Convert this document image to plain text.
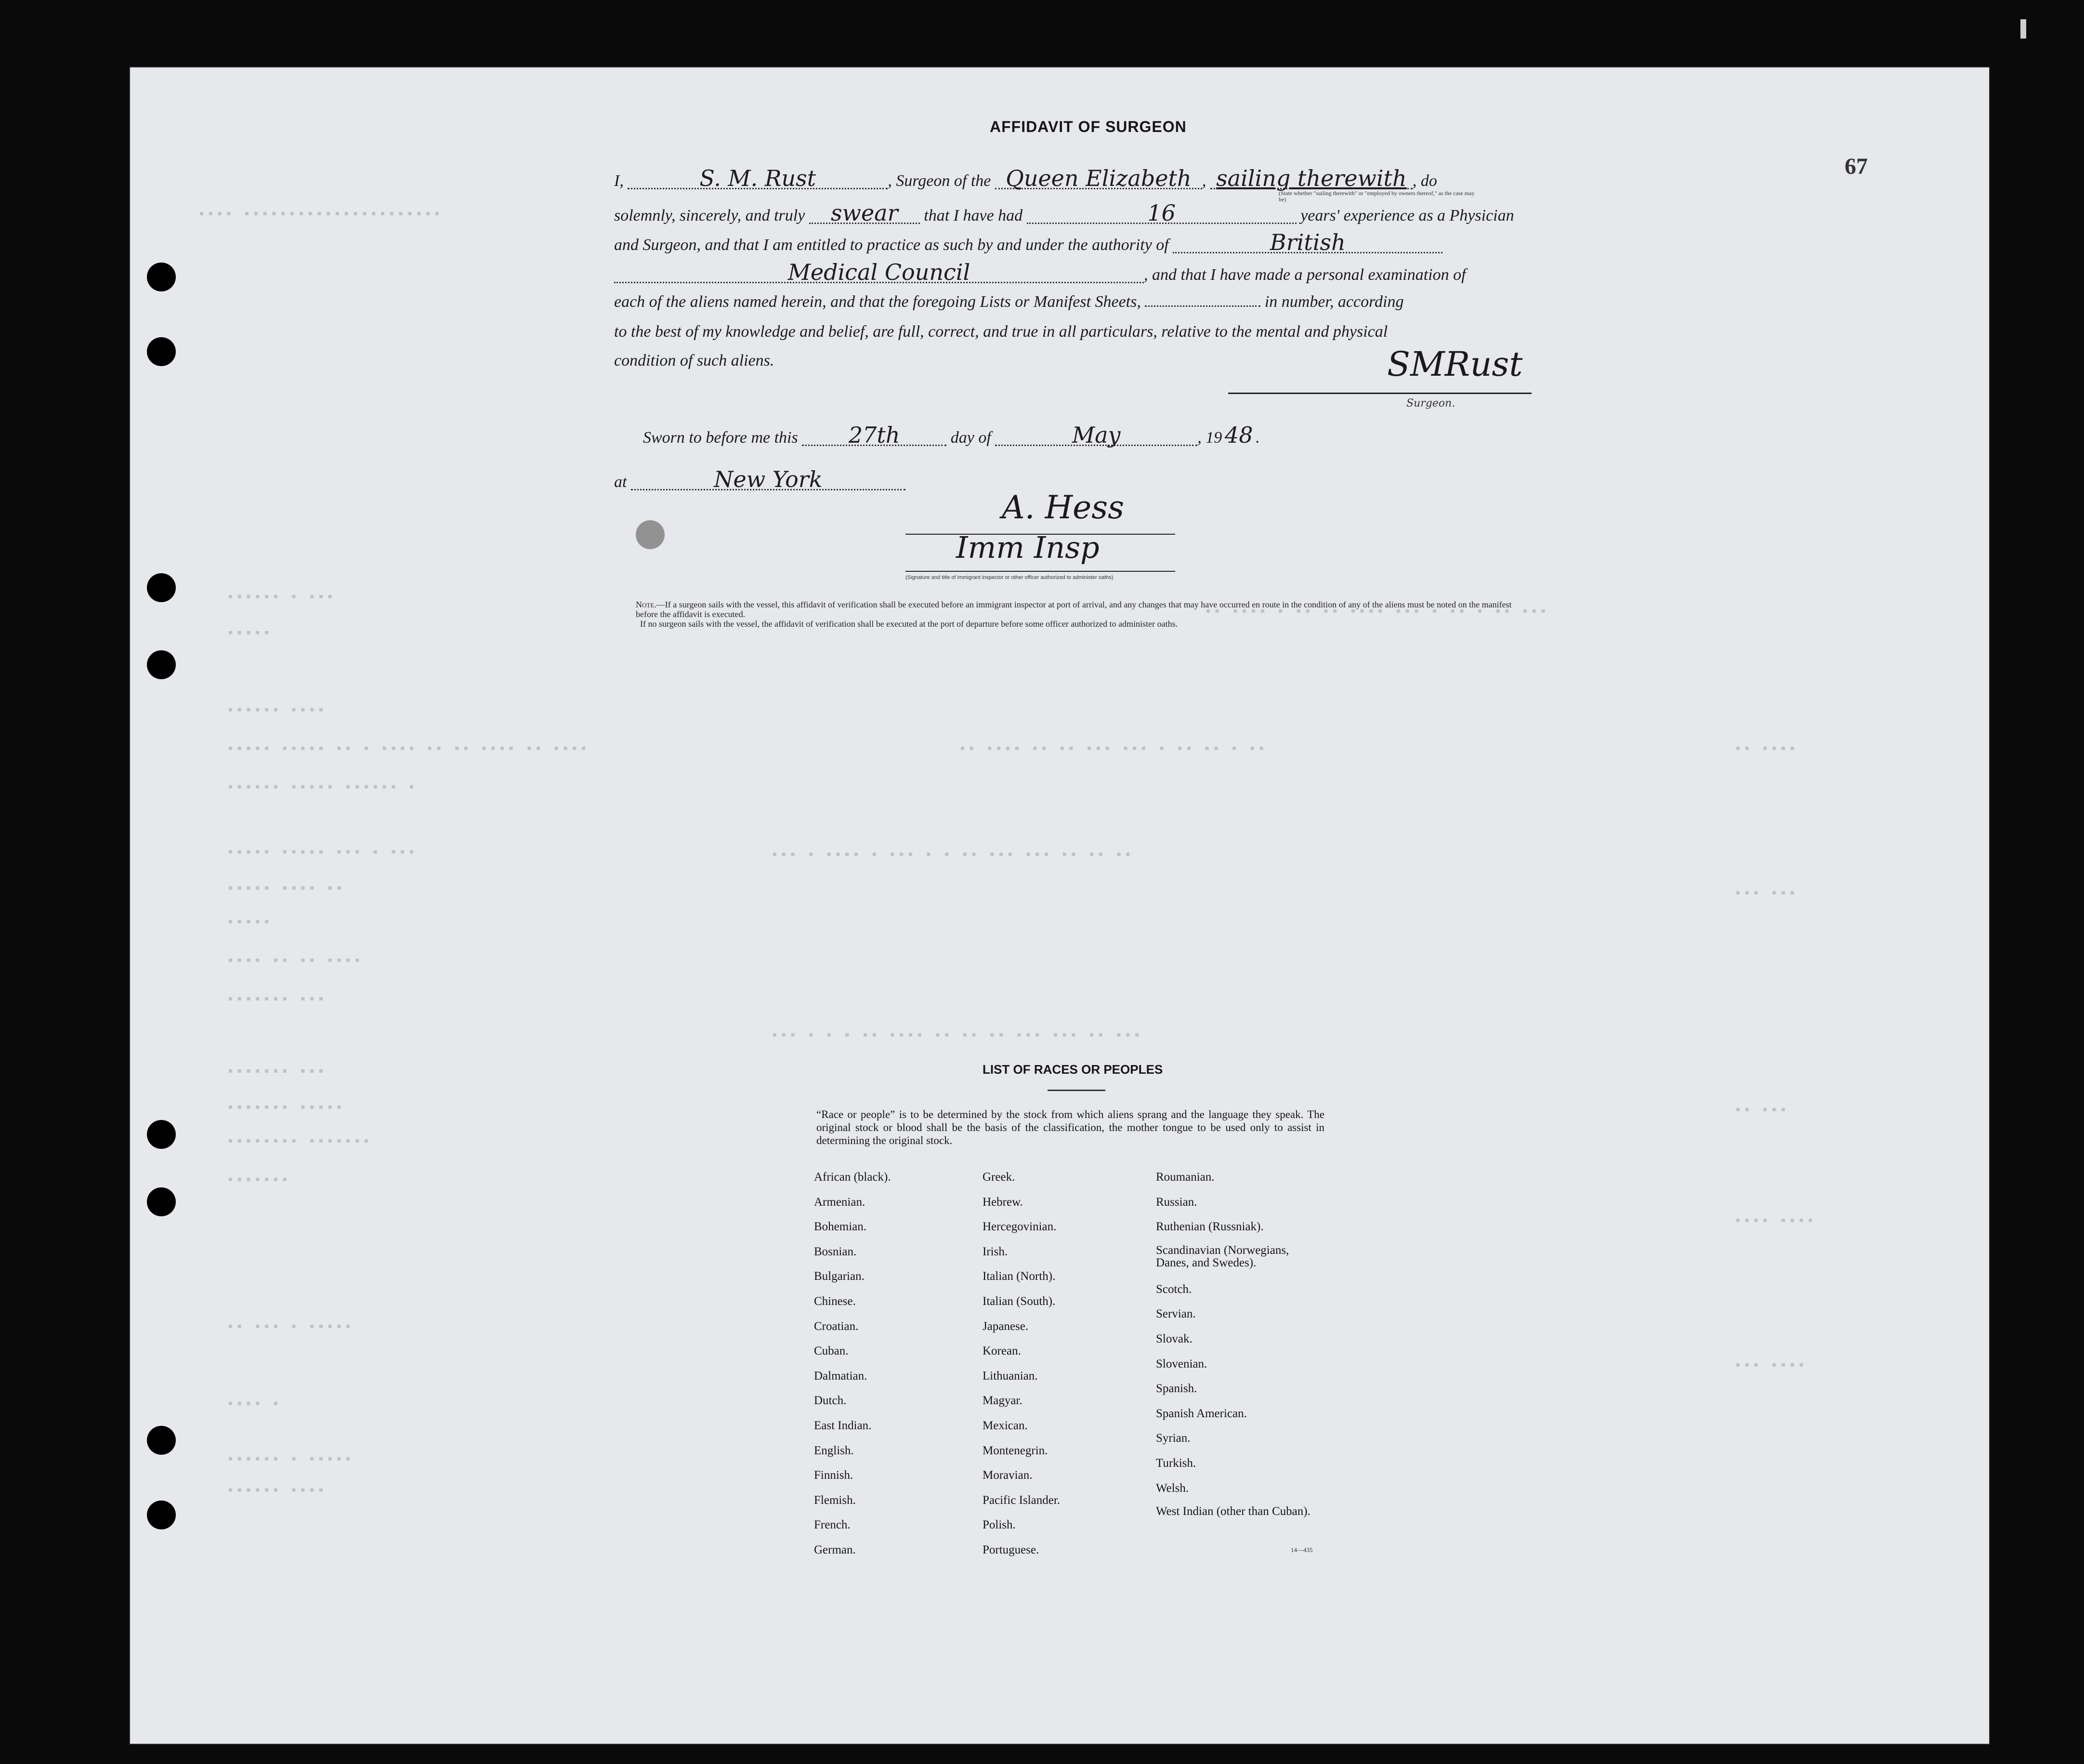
▪▪▪▪ ▪▪▪▪▪▪▪▪▪▪▪▪▪▪▪▪▪▪▪▪▪▪
▪▪▪▪▪▪ ▪ ▪▪▪
▪▪▪▪▪
▪▪▪▪▪▪ ▪▪▪▪
▪▪▪▪▪ ▪▪▪▪▪ ▪▪ ▪ ▪▪▪▪ ▪▪ ▪▪ ▪▪▪▪ ▪▪ ▪▪▪▪
▪▪▪▪▪▪ ▪▪▪▪▪ ▪▪▪▪▪▪ ▪
▪▪▪▪▪ ▪▪▪▪▪ ▪▪▪ ▪ ▪▪▪
▪▪▪▪▪ ▪▪▪▪ ▪▪
▪▪▪▪▪
▪▪▪▪ ▪▪ ▪▪ ▪▪▪▪
▪▪▪▪▪▪▪ ▪▪▪
▪▪▪▪▪▪▪ ▪▪▪
▪▪▪▪▪▪▪ ▪▪▪▪▪
▪▪▪▪▪▪▪▪ ▪▪▪▪▪▪▪
▪▪▪▪▪▪▪
▪▪ ▪▪▪ ▪ ▪▪▪▪▪
▪▪▪▪ ▪
▪▪▪▪▪▪ ▪ ▪▪▪▪▪
▪▪▪▪▪▪ ▪▪▪▪
▪▪ ▪▪▪▪ ▪ ▪▪ ▪▪ ▪▪▪▪ ▪▪▪ ▪ ▪▪ ▪ ▪▪ ▪▪▪
▪▪ ▪▪▪▪ ▪▪ ▪▪ ▪▪▪ ▪▪▪ ▪ ▪▪ ▪▪ ▪ ▪▪
▪▪▪ ▪ ▪▪▪▪ ▪ ▪▪▪ ▪ ▪ ▪▪ ▪▪▪ ▪▪▪ ▪▪ ▪▪ ▪▪
▪▪▪ ▪ ▪ ▪ ▪▪ ▪▪▪▪ ▪▪ ▪▪ ▪▪ ▪▪▪ ▪▪▪ ▪▪ ▪▪▪
▪▪ ▪▪▪▪
▪▪▪ ▪▪▪
▪▪ ▪▪▪
▪▪▪▪ ▪▪▪▪
▪▪▪ ▪▪▪▪
67
AFFIDAVIT OF SURGEON
I,	S. M. Rust	, Surgeon of the Queen Elizabeth , sailing therewith , do
(State whether "sailing therewith" or "employed by owners thereof," as the case may be)
solemnly, sincerely, and truly swear that I have had	16	years' experience as a Physician
and Surgeon, and that I am entitled to practice as such by and under the authority of	British
Medical Council	, and that I have made a personal examination of
each of the aliens named herein, and that the foregoing Lists or Manifest Sheets,	in number, according
to the best of my knowledge and belief, are full, correct, and true in all particulars, relative to the mental and physical
condition of such aliens.	SMRust
Surgeon.
Sworn to before me this 27th	day of	May	, 19 48 .
at	New York
A. Hess
Imm Insp
(Signature and title of immigrant inspector or other officer authorized to administer oaths)
Note.—If a surgeon sails with the vessel, this affidavit of verification shall be executed before an immigrant inspector at port of arrival, and any changes that may have occurred en route in the condition of any of the aliens must be noted on the manifest before the affidavit is executed.
If no surgeon sails with the vessel, the affidavit of verification shall be executed at the port of departure before some officer authorized to administer oaths.
LIST OF RACES OR PEOPLES
“Race or people” is to be determined by the stock from which aliens sprang and the language they speak. The original stock or blood shall be the basis of the classification, the mother tongue to be used only to assist in determining the original stock.
African (black).
Armenian.
Bohemian.
Bosnian.
Bulgarian.
Chinese.
Croatian.
Cuban.
Dalmatian.
Dutch.
East Indian.
English.
Finnish.
Flemish.
French.
German.
Greek.
Hebrew.
Hercegovinian.
Irish.
Italian (North).
Italian (South).
Japanese.
Korean.
Lithuanian.
Magyar.
Mexican.
Montenegrin.
Moravian.
Pacific Islander.
Polish.
Portuguese.
Roumanian.
Russian.
Ruthenian (Russniak).
Scandinavian (Norwegians, Danes, and Swedes).
Scotch.
Servian.
Slovak.
Slovenian.
Spanish.
Spanish American.
Syrian.
Turkish.
Welsh.
West Indian (other than Cuban).
14—435
